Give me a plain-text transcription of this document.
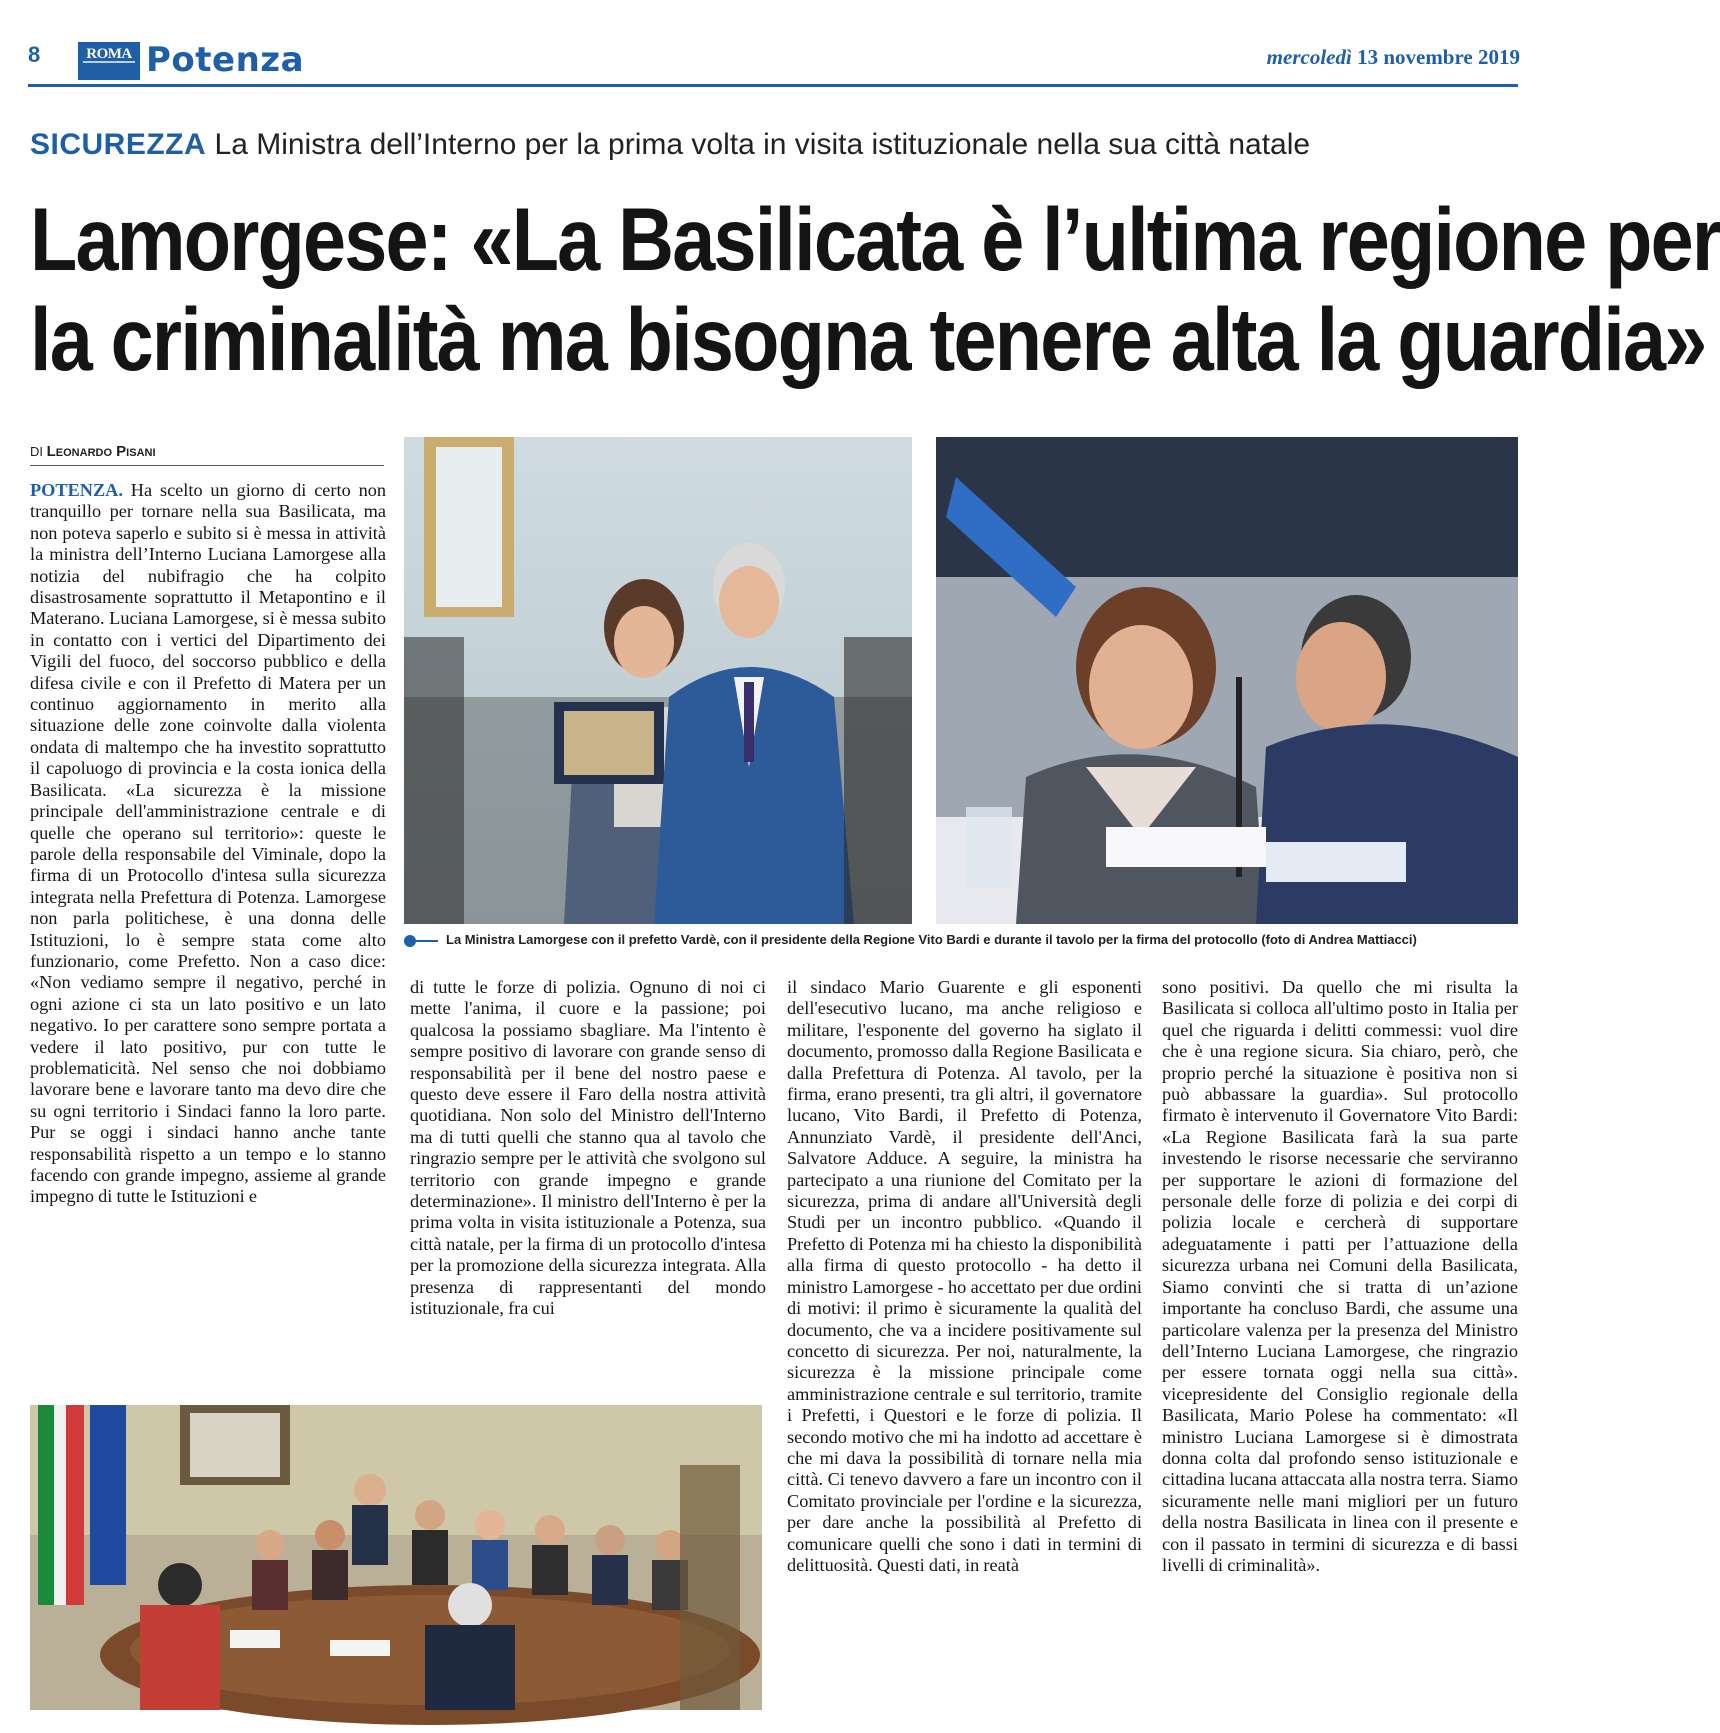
8	ROMA Potenza	mercoledì 13 novembre 2019
SICUREZZA La Ministra dell’Interno per la prima volta in visita istituzionale nella sua città natale
Lamorgese: «La Basilicata è l’ultima regione per
la criminalità ma bisogna tenere alta la guardia»
DI Leonardo Pisani
POTENZA. Ha scelto un giorno di certo non tranquillo per tornare nella sua Basilicata, ma non poteva saperlo e subito si è messa in attività la ministra dell’Interno Luciana Lamorgese alla notizia del nubifragio che ha colpito disastrosamente soprattutto il Metapontino e il Materano. Luciana Lamorgese, si è messa subito in contatto con i vertici del Dipartimento dei Vigili del fuoco, del soccorso pubblico e della difesa civile e con il Prefetto di Matera per un continuo aggiornamento in merito alla situazione delle zone coinvolte dalla violenta ondata di maltempo che ha investito soprattutto il capoluogo di provincia e la costa ionica della Basilicata. «La sicurezza è la missione principale dell'amministrazione centrale e di quelle che operano sul territorio»: queste le parole della responsabile del Viminale, dopo la firma di un Protocollo d'intesa sulla sicurezza integrata nella Prefettura di Potenza. Lamorgese non parla politichese, è una donna delle Istituzioni, lo è sempre stata come alto funzionario, come Prefetto. Non a caso dice: «Non vediamo sempre il negativo, perché in ogni azione ci sta un lato positivo e un lato negativo. Io per carattere sono sempre portata a vedere il lato positivo, pur con tutte le problematicità. Nel senso che noi dobbiamo lavorare bene e lavorare tanto ma devo dire che su ogni territorio i Sindaci fanno la loro parte. Pur se oggi i sindaci hanno anche tante responsabilità rispetto a un tempo e lo stanno facendo con grande impegno, assieme al grande impegno di tutte le Istituzioni e
La Ministra Lamorgese con il prefetto Vardè, con il presidente della Regione Vito Bardi e durante il tavolo per la firma del protocollo (foto di Andrea Mattiacci)
di tutte le forze di polizia. Ognuno di noi ci mette l'anima, il cuore e la passione; poi qualcosa la possiamo sbagliare. Ma l'intento è sempre positivo di lavorare con grande senso di responsabilità per il bene del nostro paese e questo deve essere il Faro della nostra attività quotidiana. Non solo del Ministro dell'Interno ma di tutti quelli che stanno qua al tavolo che ringrazio sempre per le attività che svolgono sul territorio con grande impegno e grande determinazione». Il ministro dell'Interno è per la prima volta in visita istituzionale a Potenza, sua città natale, per la firma di un protocollo d'intesa per la promozione della sicurezza integrata. Alla presenza di rappresentanti del mondo istituzionale, fra cui
il sindaco Mario Guarente e gli esponenti dell'esecutivo lucano, ma anche religioso e militare, l'esponente del governo ha siglato il documento, promosso dalla Regione Basilicata e dalla Prefettura di Potenza. Al tavolo, per la firma, erano presenti, tra gli altri, il governatore lucano, Vito Bardi, il Prefetto di Potenza, Annunziato Vardè, il presidente dell'Anci, Salvatore Adduce. A seguire, la ministra ha partecipato a una riunione del Comitato per la sicurezza, prima di andare all'Università degli Studi per un incontro pubblico. «Quando il Prefetto di Potenza mi ha chiesto la disponibilità alla firma di questo protocollo - ha detto il ministro Lamorgese - ho accettato per due ordini di motivi: il primo è sicuramente la qualità del documento, che va a incidere positivamente sul concetto di sicurezza. Per noi, naturalmente, la sicurezza è la missione principale come amministrazione centrale e sul territorio, tramite i Prefetti, i Questori e le forze di polizia. Il secondo motivo che mi ha indotto ad accettare è che mi dava la possibilità di tornare nella mia città. Ci tenevo davvero a fare un incontro con il Comitato provinciale per l'ordine e la sicurezza, per dare anche la possibilità al Prefetto di comunicare quelli che sono i dati in termini di delittuosità. Questi dati, in reatà
sono positivi. Da quello che mi risulta la Basilicata si colloca all'ultimo posto in Italia per quel che riguarda i delitti commessi: vuol dire che è una regione sicura. Sia chiaro, però, che proprio perché la situazione è positiva non si può abbassare la guardia». Sul protocollo firmato è intervenuto il Governatore Vito Bardi: «La Regione Basilicata farà la sua parte investendo le risorse necessarie che serviranno per supportare le azioni di formazione del personale delle forze di polizia e dei corpi di polizia locale e cercherà di supportare adeguatamente i patti per l’attuazione della sicurezza urbana nei Comuni della Basilicata, Siamo convinti che si tratta di un’azione importante ha concluso Bardi, che assume una particolare valenza per la presenza del Ministro dell’Interno Luciana Lamorgese, che ringrazio per essere tornata oggi nella sua città». vicepresidente del Consiglio regionale della Basilicata, Mario Polese ha commentato: «Il ministro Luciana Lamorgese si è dimostrata donna colta dal profondo senso istituzionale e cittadina lucana attaccata alla nostra terra. Siamo sicuramente nelle mani migliori per un futuro della nostra Basilicata in linea con il presente e con il passato in termini di sicurezza e di bassi livelli di criminalità».
